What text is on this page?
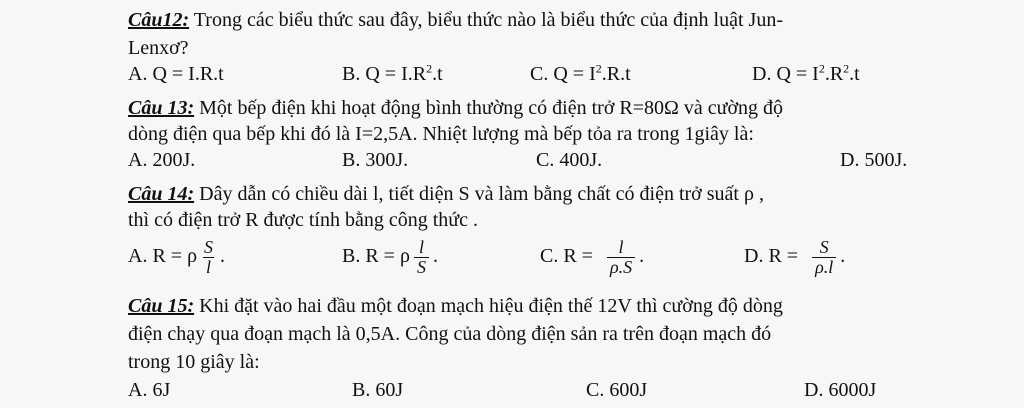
Câu12: Trong các biểu thức sau đây, biểu thức nào là biểu thức của định luật Jun-
Lenxơ?
A. Q = I.R.t	B. $Q = I.R^2.t$	C. $Q = I^2.R.t$	D. $Q = I^2.R^2.t$
Câu 13: Một bếp điện khi hoạt động bình thường có điện trở R=80Ω và cường độ
dòng điện qua bếp khi đó là I=2,5A. Nhiệt lượng mà bếp tỏa ra trong 1giây là:
A. 200J.	B. 300J.	C. 400J.	D. 500J.
Câu 14: Dây dẫn có chiều dài l, tiết diện S và làm bằng chất có điện trở suất ρ ,
thì có điện trở R được tính bằng công thức .
A. R = ρ $\frac{S}{l}$ .	B. R = ρ $\frac{l}{S}$ .	C. $R = \frac{l}{\rho.S}$ .	D. $R = \frac{S}{\rho.l}$ .
Câu 15: Khi đặt vào hai đầu một đoạn mạch hiệu điện thế 12V thì cường độ dòng
điện chạy qua đoạn mạch là 0,5A. Công của dòng điện sản ra trên đoạn mạch đó
trong 10 giây là:
A. 6J	B. 60J	C. 600J	D. 6000J
